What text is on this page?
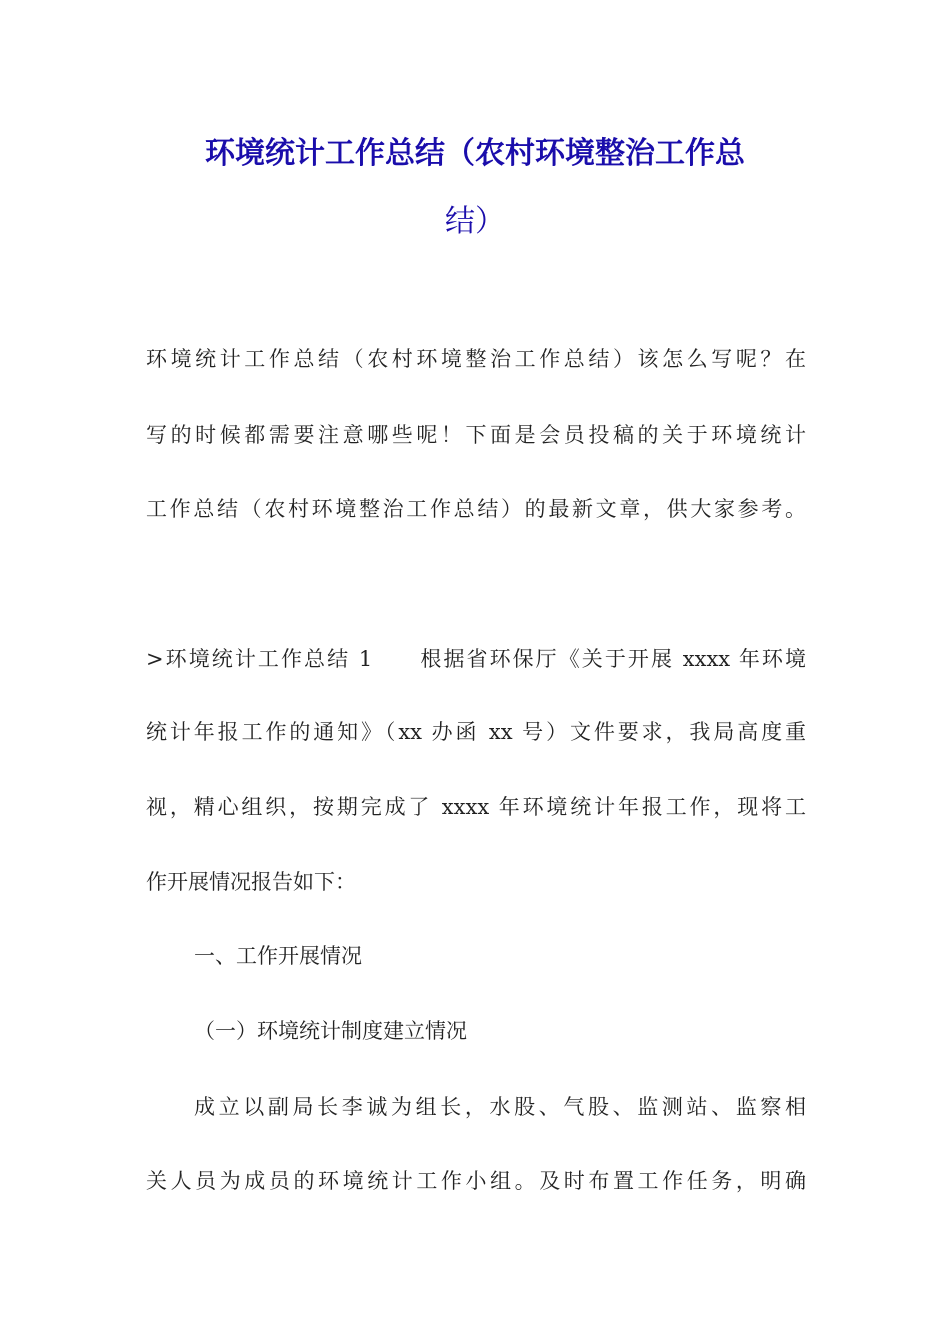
环境统计工作总结（农村环境整治工作总
结）

环境统计工作总结（农村环境整治工作总结）该怎么写呢？在

写的时候都需要注意哪些呢！下面是会员投稿的关于环境统计

工作总结（农村环境整治工作总结）的最新文章，供大家参考。

>环境统计工作总结 1　　根据省环保厅《关于开展 xxxx 年环境

统计年报工作的通知》（xx 办函 xx 号）文件要求，我局高度重

视，精心组织，按期完成了 xxxx 年环境统计年报工作，现将工

作开展情况报告如下：

一、工作开展情况

（一）环境统计制度建立情况

成立以副局长李诚为组长，水股、气股、监测站、监察相

关人员为成员的环境统计工作小组。及时布置工作任务，明确
